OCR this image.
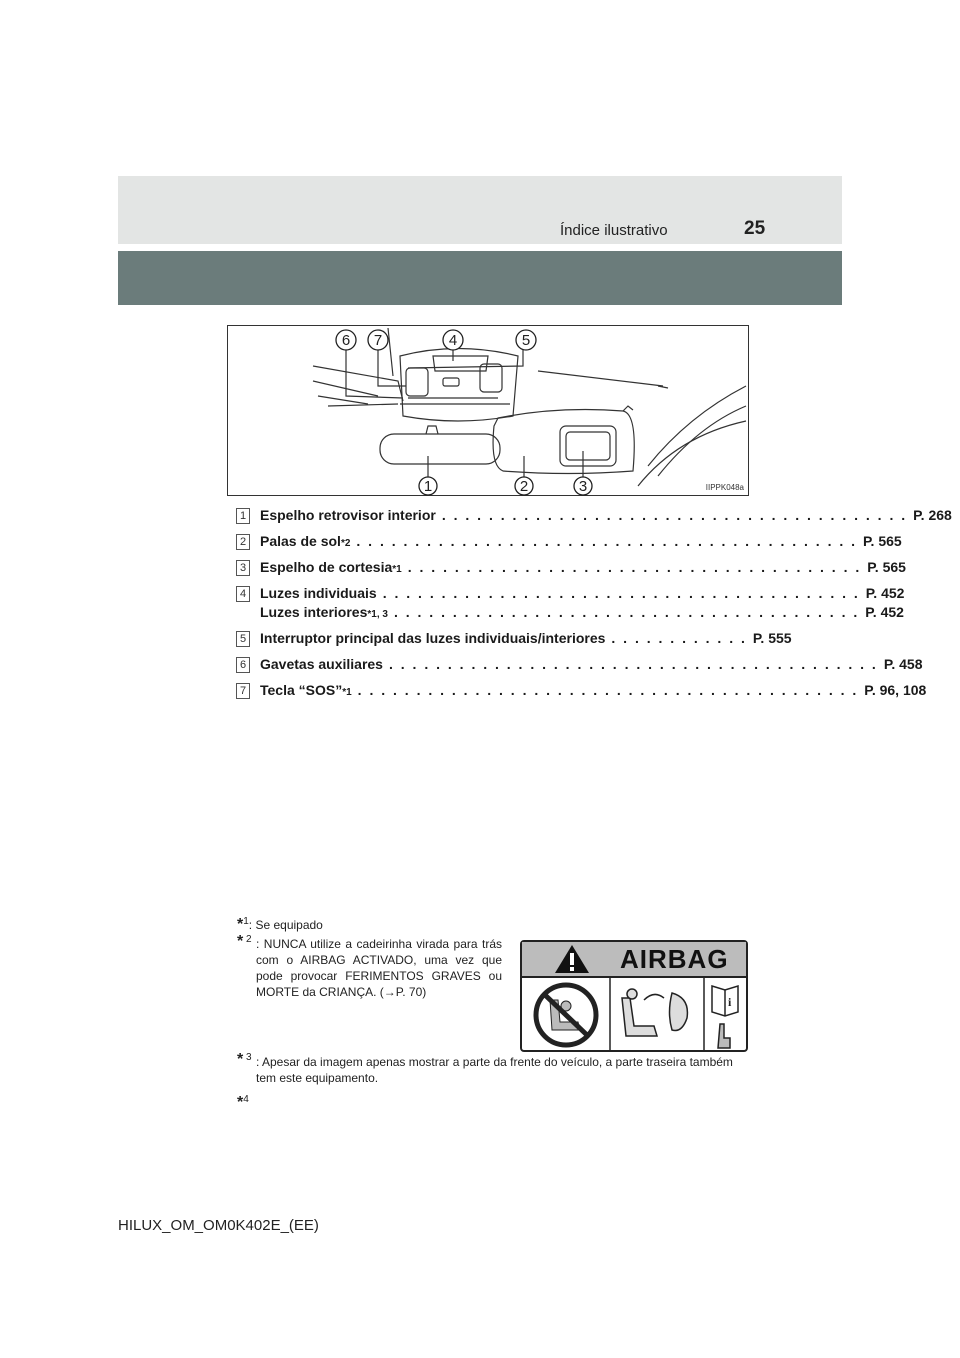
Índice ilustrativo	25
6 7	4	5
1	2	3	IIPPK048a
1 Espelho retrovisor interior . . . . . . . . . . . . . . . . . . . . . . . . . . . . . . . . . . . . . . . . P. 268
2 Palas de sol *2 . . . . . . . . . . . . . . . . . . . . . . . . . . . . . . . . . . . . . . . . . . . P. 565
3 Espelho de cortesia *1 . . . . . . . . . . . . . . . . . . . . . . . . . . . . . . . . . . . . . . . P. 565
4 Luzes individuais . . . . . . . . . . . . . . . . . . . . . . . . . . . . . . . . . . . . . . . . . P. 452
Luzes interiores *1, 3 . . . . . . . . . . . . . . . . . . . . . . . . . . . . . . . . . . . . . . . . P. 452
5 Interruptor principal das luzes individuais/interiores . . . . . . . . . . . . P. 555
6 Gavetas auxiliares . . . . . . . . . . . . . . . . . . . . . . . . . . . . . . . . . . . . . . . . . . P. 458
7 Tecla “SOS” *1 . . . . . . . . . . . . . . . . . . . . . . . . . . . . . . . . . . . . . . . . . . . P. 96, 108
*$^1$: Se equipado
* 2 : NUNCA utilize a cadeirinha virada para trás com o AIRBAG ACTIVADO, uma vez que pode provocar FERIMENTOS GRAVES ou MORTE da CRIANÇA. (→P. 70)
* 3 : Apesar da imagem apenas mostrar a parte da frente do veículo, a parte traseira também tem este equipamento.
*$^4$
AIRBAG
i
HILUX_OM_OM0K402E_(EE)
